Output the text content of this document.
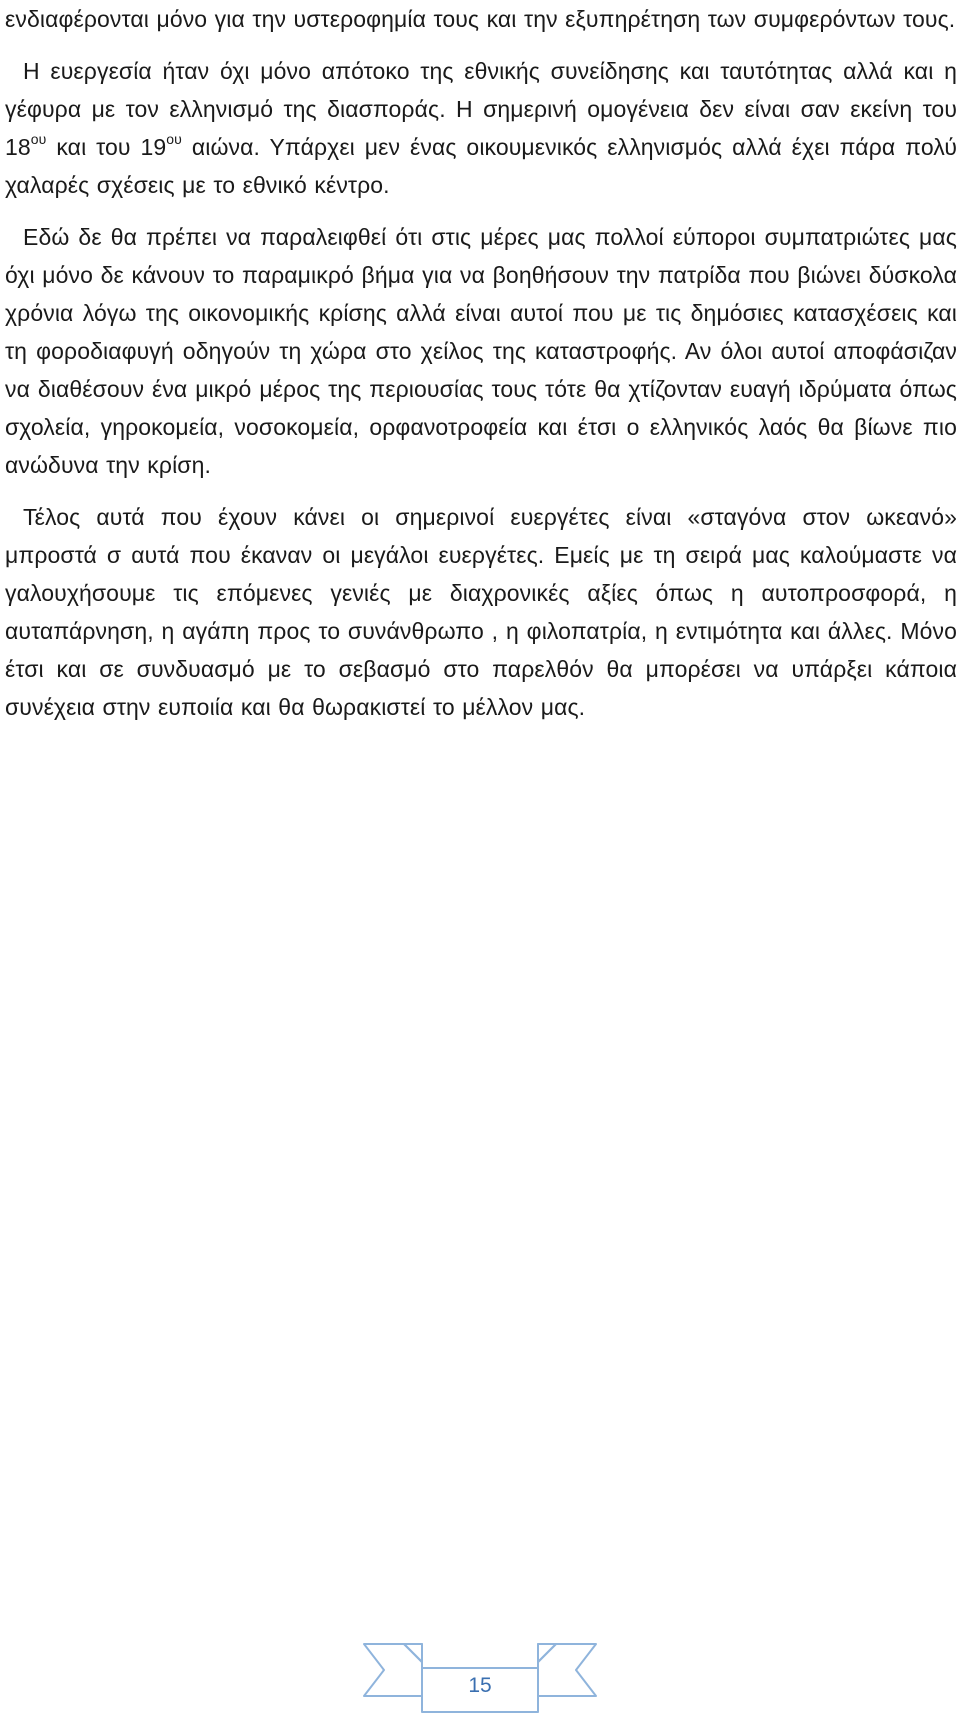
ενδιαφέρονται μόνο για την υστεροφημία τους και την εξυπηρέτηση των συμφερόντων τους.

Η ευεργεσία ήταν όχι μόνο απότοκο της εθνικής συνείδησης και ταυτότητας αλλά και η γέφυρα με τον ελληνισμό της διασποράς. Η σημερινή ομογένεια δεν είναι σαν εκείνη του $18^{o\upsilon}$ και του $19^{o\upsilon}$ αιώνα. Υπάρχει μεν ένας οικουμενικός ελληνισμός αλλά έχει πάρα πολύ χαλαρές σχέσεις με το εθνικό κέντρο.

Εδώ δε θα πρέπει να παραλειφθεί ότι στις μέρες μας πολλοί εύποροι συμπατριώτες μας όχι μόνο δε κάνουν το παραμικρό βήμα για να βοηθήσουν την πατρίδα που βιώνει δύσκολα χρόνια λόγω της οικονομικής κρίσης αλλά είναι αυτοί που με τις δημόσιες κατασχέσεις και τη φοροδιαφυγή οδηγούν τη χώρα στο χείλος της καταστροφής. Αν όλοι αυτοί αποφάσιζαν να διαθέσουν ένα μικρό μέρος της περιουσίας τους τότε θα χτίζονταν ευαγή ιδρύματα όπως σχολεία, γηροκομεία, νοσοκομεία, ορφανοτροφεία και έτσι ο ελληνικός λαός θα βίωνε πιο ανώδυνα την κρίση.

Τέλος αυτά που έχουν κάνει οι σημερινοί ευεργέτες είναι «σταγόνα στον ωκεανό» μπροστά σ αυτά που έκαναν οι μεγάλοι ευεργέτες. Εμείς με τη σειρά μας καλούμαστε να γαλουχήσουμε τις επόμενες γενιές με διαχρονικές αξίες όπως η αυτοπροσφορά, η αυταπάρνηση, η αγάπη προς το συνάνθρωπο , η φιλοπατρία, η εντιμότητα και άλλες. Μόνο έτσι και σε συνδυασμό με το σεβασμό στο παρελθόν θα μπορέσει να υπάρξει κάποια συνέχεια στην ευποιία και θα θωρακιστεί το μέλλον μας.

15
